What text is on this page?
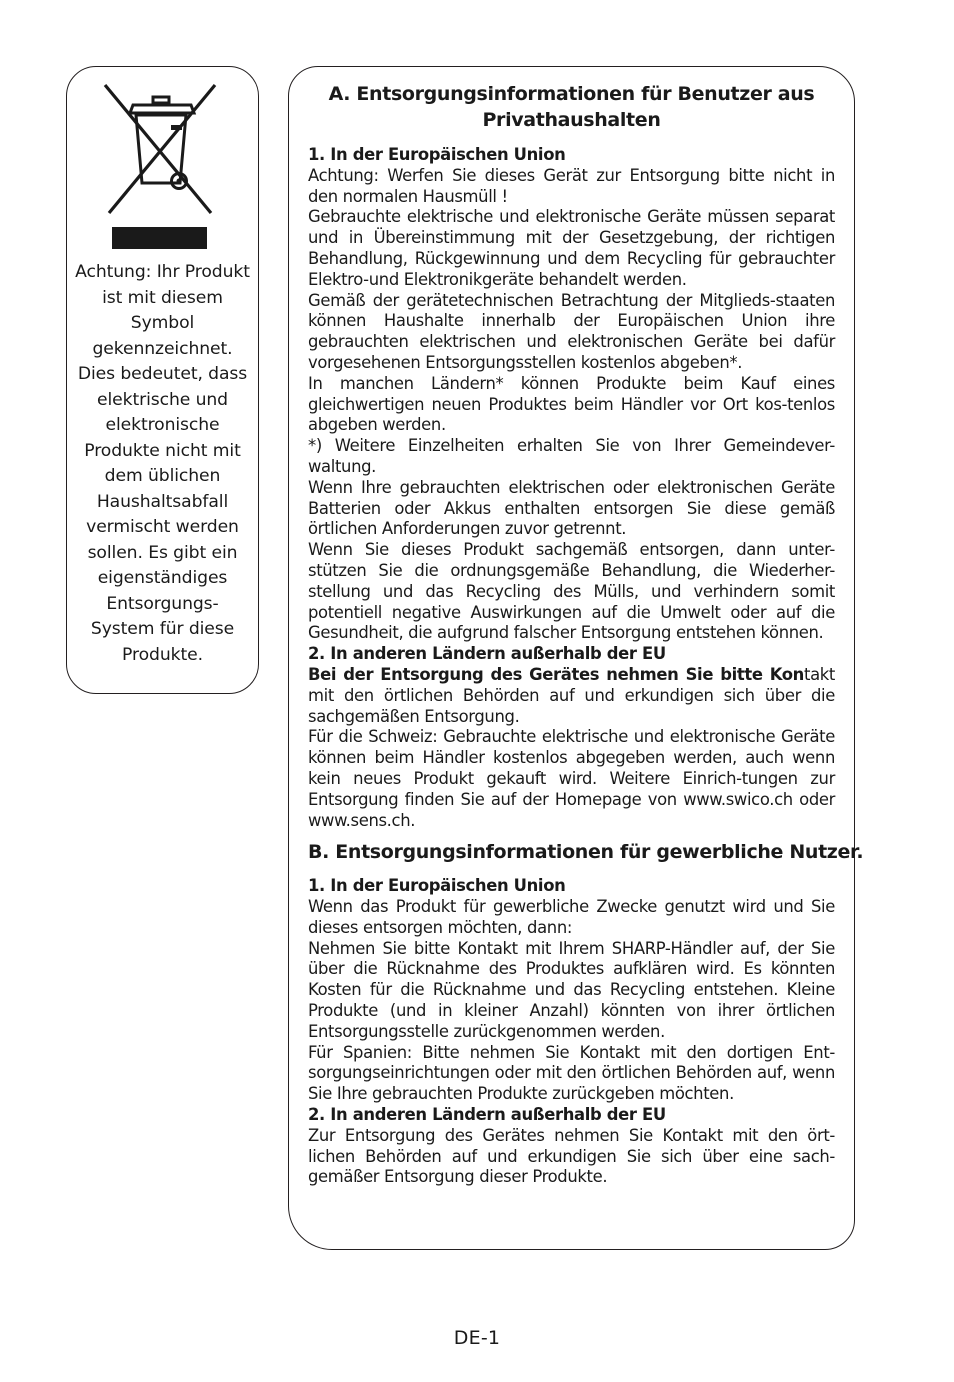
Achtung: Ihr Produkt ist mit diesem Symbol gekennzeichnet. Dies bedeutet, dass elektrische und elektronische Produkte nicht mit dem üblichen Haushaltsabfall vermischt werden sollen. Es gibt ein eigenständiges Entsorgungs- System für diese Produkte.
A. Entsorgungsinformationen für Benutzer aus Privathaushalten
1. In der Europäischen Union

Achtung: Werfen Sie dieses Gerät zur Entsorgung bitte nicht in den normalen Hausmüll !

Gebrauchte elektrische und elektronische Geräte müssen separat und in Übereinstimmung mit der Gesetzgebung, der richtigen Behandlung, Rückgewinnung und dem Recycling für gebrauchter Elektro-und Elektronikgeräte behandelt werden.

Gemäß der gerätetechnischen Betrachtung der Mitglieds-staaten können Haushalte innerhalb der Europäischen Union ihre gebrauchten elektrischen und elektronischen Geräte bei dafür vorgesehenen Entsorgungsstellen kostenlos abgeben*.

In manchen Ländern* können Produkte beim Kauf eines gleichwertigen neuen Produktes beim Händler vor Ort kos-tenlos abgeben werden.

*) Weitere Einzelheiten erhalten Sie von Ihrer Gemeindever-waltung.

Wenn Ihre gebrauchten elektrischen oder elektronischen Geräte Batterien oder Akkus enthalten entsorgen Sie diese gemäß örtlichen Anforderungen zuvor getrennt.

Wenn Sie dieses Produkt sachgemäß entsorgen, dann unter-stützen Sie die ordnungsgemäße Behandlung, die Wiederher-stellung und das Recycling des Mülls, und verhindern somit potentiell negative Auswirkungen auf die Umwelt oder auf die Gesundheit, die aufgrund falscher Entsorgung entstehen können.

2. In anderen Ländern außerhalb der EU

Bei der Entsorgung des Gerätes nehmen Sie bitte Kontakt mit den örtlichen Behörden auf und erkundigen sich über die sachgemäßen Entsorgung.

Für die Schweiz: Gebrauchte elektrische und elektronische Geräte können beim Händler kostenlos abgegeben werden, auch wenn kein neues Produkt gekauft wird. Weitere Einrich-tungen zur Entsorgung finden Sie auf der Homepage von www.swico.ch oder www.sens.ch.

B. Entsorgungsinformationen für gewerbliche Nutzer.
1. In der Europäischen Union

Wenn das Produkt für gewerbliche Zwecke genutzt wird und Sie dieses entsorgen möchten, dann:

Nehmen Sie bitte Kontakt mit Ihrem SHARP-Händler auf, der Sie über die Rücknahme des Produktes aufklären wird. Es könnten Kosten für die Rücknahme und das Recycling entstehen. Kleine Produkte (und in kleiner Anzahl) könnten von ihrer örtlichen Entsorgungsstelle zurückgenommen werden.

Für Spanien: Bitte nehmen Sie Kontakt mit den dortigen Ent-sorgungseinrichtungen oder mit den örtlichen Behörden auf, wenn Sie Ihre gebrauchten Produkte zurückgeben möchten.

2. In anderen Ländern außerhalb der EU

Zur Entsorgung des Gerätes nehmen Sie Kontakt mit den ört-lichen Behörden auf und erkundigen Sie sich über eine sach-gemäßer Entsorgung dieser Produkte.

DE-1
